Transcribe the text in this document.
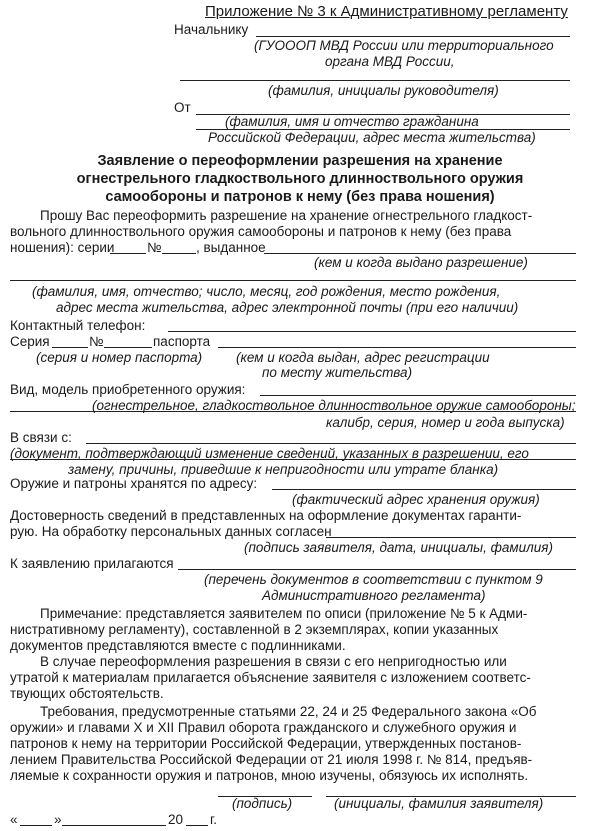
Приложение № 3 к Административному регламенту
Начальнику
(ГУОООП МВД России или территориального
органа МВД России,
(фамилия, инициалы руководителя)
От
(фамилия, имя и отчество гражданина
Российской Федерации, адрес места жительства)
Заявление о переоформлении разрешения на хранение
огнестрельного гладкоствольного длинноствольного оружия
самообороны и патронов к нему (без права ношения)
Прошу Вас переоформить разрешение на хранение огнестрельного гладкост-
вольного длинноствольного оружия самообороны и патронов к нему (без права
ношения): серии №	, выданное
(кем и когда выдано разрешение)
(фамилия, имя, отчество; число, месяц, год рождения, место рождения,
адрес места жительства, адрес электронной почты (при его наличии)
Контактный телефон:
Серия	№	паспорта
(серия и номер паспорта)	(кем и когда выдан, адрес регистрации
по месту жительства)
Вид, модель приобретенного оружия:
(огнестрельное, гладкоствольное длинноствольное оружие самообороны;
калибр, серия, номер и года выпуска)
В связи с:
(документ, подтверждающий изменение сведений, указанных в разрешении, его
замену, причины, приведшие к непригодности или утрате бланка)
Оружие и патроны хранятся по адресу:
(фактический адрес хранения оружия)
Достоверность сведений в представленных на оформление документах гаранти-
рую. На обработку персональных данных согласен
(подпись заявителя, дата, инициалы, фамилия)
К заявлению прилагаются
(перечень документов в соответствии с пунктом 9
Административного регламента)
Примечание: представляется заявителем по описи (приложение № 5 к Адми-
нистративному регламенту), составленной в 2 экземплярах, копии указанных
документов представляются вместе с подлинниками.
В случае переоформления разрешения в связи с его непригодностью или
утратой к материалам прилагается объяснение заявителя с изложением соответс-
твующих обстоятельств.
Требования, предусмотренные статьями 22, 24 и 25 Федерального закона «Об
оружии» и главами X и XII Правил оборота гражданского и служебного оружия и
патронов к нему на территории Российской Федерации, утвержденных постанов-
лением Правительства Российской Федерации от 21 июля 1998 г. № 814, предъяв-
ляемые к сохранности оружия и патронов, мною изучены, обязуюсь их исполнять.
(подпись)	(инициалы, фамилия заявителя)
«	»	20 г.
